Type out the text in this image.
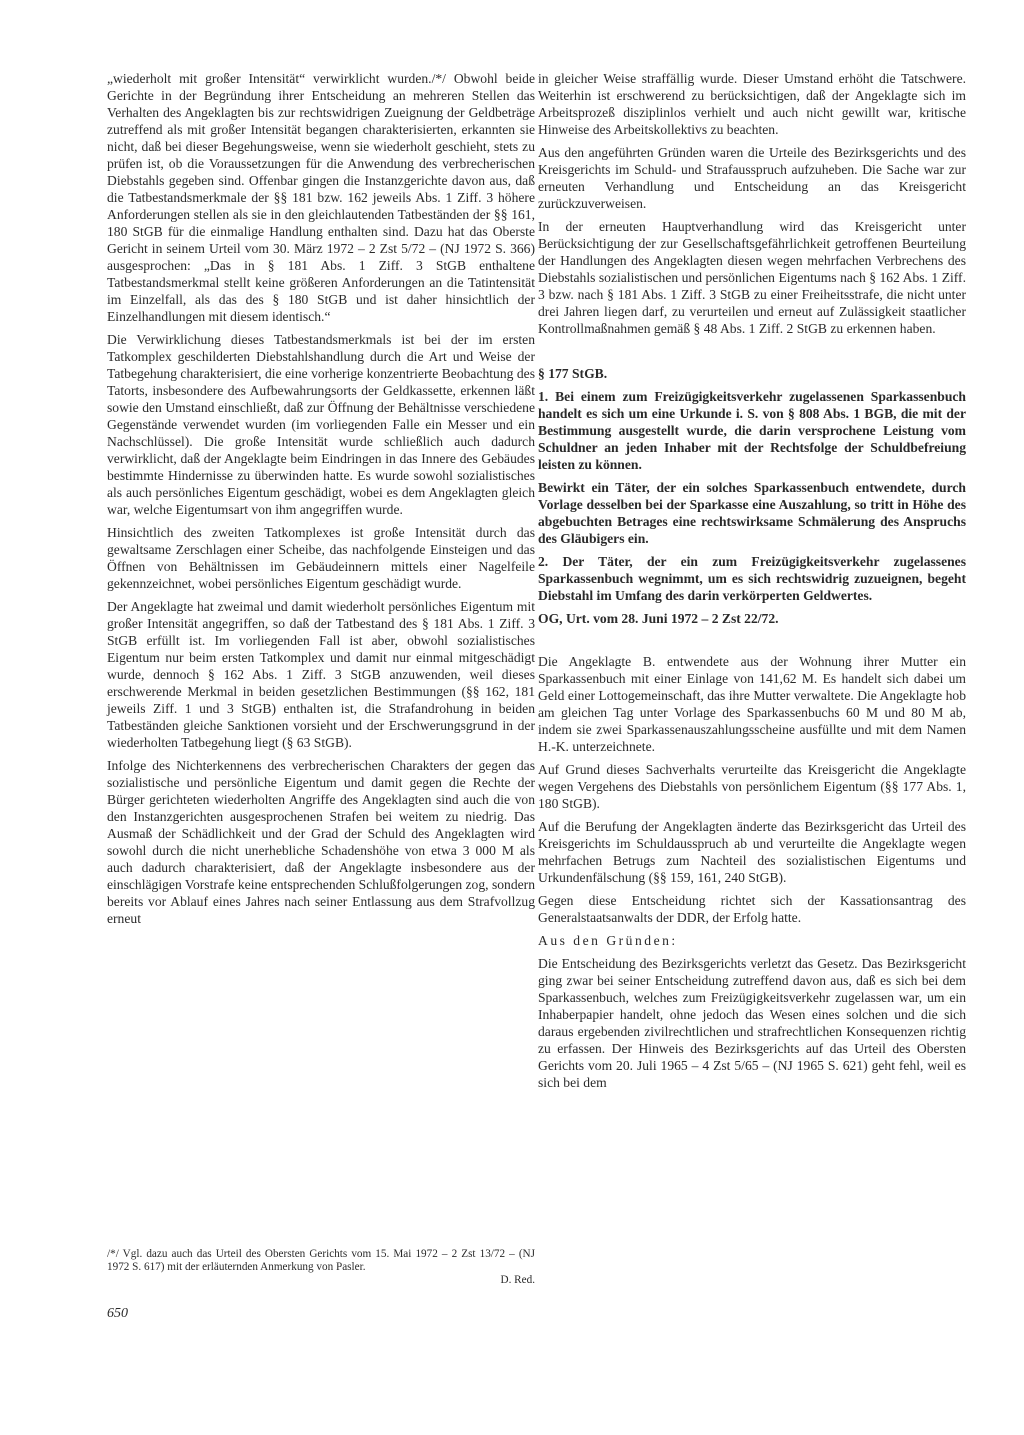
„wiederholt mit großer Intensität“ verwirklicht wurden./*/ Obwohl beide Gerichte in der Begründung ihrer Entscheidung an mehreren Stellen das Verhalten des Angeklagten bis zur rechtswidrigen Zueignung der Geldbeträge zutreffend als mit großer Intensität begangen charakterisierten, erkannten sie nicht, daß bei dieser Begehungsweise, wenn sie wiederholt geschieht, stets zu prüfen ist, ob die Voraussetzungen für die Anwendung des verbrecherischen Diebstahls gegeben sind. Offenbar gingen die Instanzgerichte davon aus, daß die Tatbestandsmerkmale der §§ 181 bzw. 162 jeweils Abs. 1 Ziff. 3 höhere Anforderungen stellen als sie in den gleichlautenden Tatbeständen der §§ 161, 180 StGB für die einmalige Handlung enthalten sind. Dazu hat das Oberste Gericht in seinem Urteil vom 30. März 1972 – 2 Zst 5/72 – (NJ 1972 S. 366) ausgesprochen: „Das in § 181 Abs. 1 Ziff. 3 StGB enthaltene Tatbestandsmerkmal stellt keine größeren Anforderungen an die Tatintensität im Einzelfall, als das des § 180 StGB und ist daher hinsichtlich der Einzelhandlungen mit diesem identisch.“

Die Verwirklichung dieses Tatbestandsmerkmals ist bei der im ersten Tatkomplex geschilderten Diebstahlshandlung durch die Art und Weise der Tatbegehung charakterisiert, die eine vorherige konzentrierte Beobachtung des Tatorts, insbesondere des Aufbewahrungsorts der Geldkassette, erkennen läßt sowie den Umstand einschließt, daß zur Öffnung der Behältnisse verschiedene Gegenstände verwendet wurden (im vorliegenden Falle ein Messer und ein Nachschlüssel). Die große Intensität wurde schließlich auch dadurch verwirklicht, daß der Angeklagte beim Eindringen in das Innere des Gebäudes bestimmte Hindernisse zu überwinden hatte. Es wurde sowohl sozialistisches als auch persönliches Eigentum geschädigt, wobei es dem Angeklagten gleich war, welche Eigentumsart von ihm angegriffen wurde.

Hinsichtlich des zweiten Tatkomplexes ist große Intensität durch das gewaltsame Zerschlagen einer Scheibe, das nachfolgende Einsteigen und das Öffnen von Behältnissen im Gebäudeinnern mittels einer Nagelfeile gekennzeichnet, wobei persönliches Eigentum geschädigt wurde.

Der Angeklagte hat zweimal und damit wiederholt persönliches Eigentum mit großer Intensität angegriffen, so daß der Tatbestand des § 181 Abs. 1 Ziff. 3 StGB erfüllt ist. Im vorliegenden Fall ist aber, obwohl sozialistisches Eigentum nur beim ersten Tatkomplex und damit nur einmal mitgeschädigt wurde, dennoch § 162 Abs. 1 Ziff. 3 StGB anzuwenden, weil dieses erschwerende Merkmal in beiden gesetzlichen Bestimmungen (§§ 162, 181 jeweils Ziff. 1 und 3 StGB) enthalten ist, die Strafandrohung in beiden Tatbeständen gleiche Sanktionen vorsieht und der Erschwerungsgrund in der wiederholten Tatbegehung liegt (§ 63 StGB).

Infolge des Nichterkennens des verbrecherischen Charakters der gegen das sozialistische und persönliche Eigentum und damit gegen die Rechte der Bürger gerichteten wiederholten Angriffe des Angeklagten sind auch die von den Instanzgerichten ausgesprochenen Strafen bei weitem zu niedrig. Das Ausmaß der Schädlichkeit und der Grad der Schuld des Angeklagten wird sowohl durch die nicht unerhebliche Schadenshöhe von etwa 3 000 M als auch dadurch charakterisiert, daß der Angeklagte insbesondere aus der einschlägigen Vorstrafe keine entsprechenden Schlußfolgerungen zog, sondern bereits vor Ablauf eines Jahres nach seiner Entlassung aus dem Strafvollzug erneut

/*/ Vgl. dazu auch das Urteil des Obersten Gerichts vom 15. Mai 1972 – 2 Zst 13/72 – (NJ 1972 S. 617) mit der erläuternden Anmerkung von Pasler.

D. Red.
650

in gleicher Weise straffällig wurde. Dieser Umstand erhöht die Tatschwere. Weiterhin ist erschwerend zu berücksichtigen, daß der Angeklagte sich im Arbeitsprozeß disziplinlos verhielt und auch nicht gewillt war, kritische Hinweise des Arbeitskollektivs zu beachten.

Aus den angeführten Gründen waren die Urteile des Bezirksgerichts und des Kreisgerichts im Schuld- und Strafausspruch aufzuheben. Die Sache war zur erneuten Verhandlung und Entscheidung an das Kreisgericht zurückzuverweisen.

In der erneuten Hauptverhandlung wird das Kreisgericht unter Berücksichtigung der zur Gesellschaftsgefährlichkeit getroffenen Beurteilung der Handlungen des Angeklagten diesen wegen mehrfachen Verbrechens des Diebstahls sozialistischen und persönlichen Eigentums nach § 162 Abs. 1 Ziff. 3 bzw. nach § 181 Abs. 1 Ziff. 3 StGB zu einer Freiheitsstrafe, die nicht unter drei Jahren liegen darf, zu verurteilen und erneut auf Zulässigkeit staatlicher Kontrollmaßnahmen gemäß § 48 Abs. 1 Ziff. 2 StGB zu erkennen haben.

§ 177 StGB.

1. Bei einem zum Freizügigkeitsverkehr zugelassenen Sparkassenbuch handelt es sich um eine Urkunde i. S. von § 808 Abs. 1 BGB, die mit der Bestimmung ausgestellt wurde, die darin versprochene Leistung vom Schuldner an jeden Inhaber mit der Rechtsfolge der Schuldbefreiung leisten zu können.

Bewirkt ein Täter, der ein solches Sparkassenbuch entwendete, durch Vorlage desselben bei der Sparkasse eine Auszahlung, so tritt in Höhe des abgebuchten Betrages eine rechtswirksame Schmälerung des Anspruchs des Gläubigers ein.

2. Der Täter, der ein zum Freizügigkeitsverkehr zugelassenes Sparkassenbuch wegnimmt, um es sich rechtswidrig zuzueignen, begeht Diebstahl im Umfang des darin verkörperten Geldwertes.

OG, Urt. vom 28. Juni 1972 – 2 Zst 22/72.

Die Angeklagte B. entwendete aus der Wohnung ihrer Mutter ein Sparkassenbuch mit einer Einlage von 141,62 M. Es handelt sich dabei um Geld einer Lottogemeinschaft, das ihre Mutter verwaltete. Die Angeklagte hob am gleichen Tag unter Vorlage des Sparkassenbuchs 60 M und 80 M ab, indem sie zwei Sparkassenauszahlungsscheine ausfüllte und mit dem Namen H.-K. unterzeichnete.

Auf Grund dieses Sachverhalts verurteilte das Kreisgericht die Angeklagte wegen Vergehens des Diebstahls von persönlichem Eigentum (§§ 177 Abs. 1, 180 StGB).

Auf die Berufung der Angeklagten änderte das Bezirksgericht das Urteil des Kreisgerichts im Schuldausspruch ab und verurteilte die Angeklagte wegen mehrfachen Betrugs zum Nachteil des sozialistischen Eigentums und Urkundenfälschung (§§ 159, 161, 240 StGB).

Gegen diese Entscheidung richtet sich der Kassationsantrag des Generalstaatsanwalts der DDR, der Erfolg hatte.

Aus den Gründen:

Die Entscheidung des Bezirksgerichts verletzt das Gesetz. Das Bezirksgericht ging zwar bei seiner Entscheidung zutreffend davon aus, daß es sich bei dem Sparkassenbuch, welches zum Freizügigkeitsverkehr zugelassen war, um ein Inhaberpapier handelt, ohne jedoch das Wesen eines solchen und die sich daraus ergebenden zivilrechtlichen und strafrechtlichen Konsequenzen richtig zu erfassen. Der Hinweis des Bezirksgerichts auf das Urteil des Obersten Gerichts vom 20. Juli 1965 – 4 Zst 5/65 – (NJ 1965 S. 621) geht fehl, weil es sich bei dem
